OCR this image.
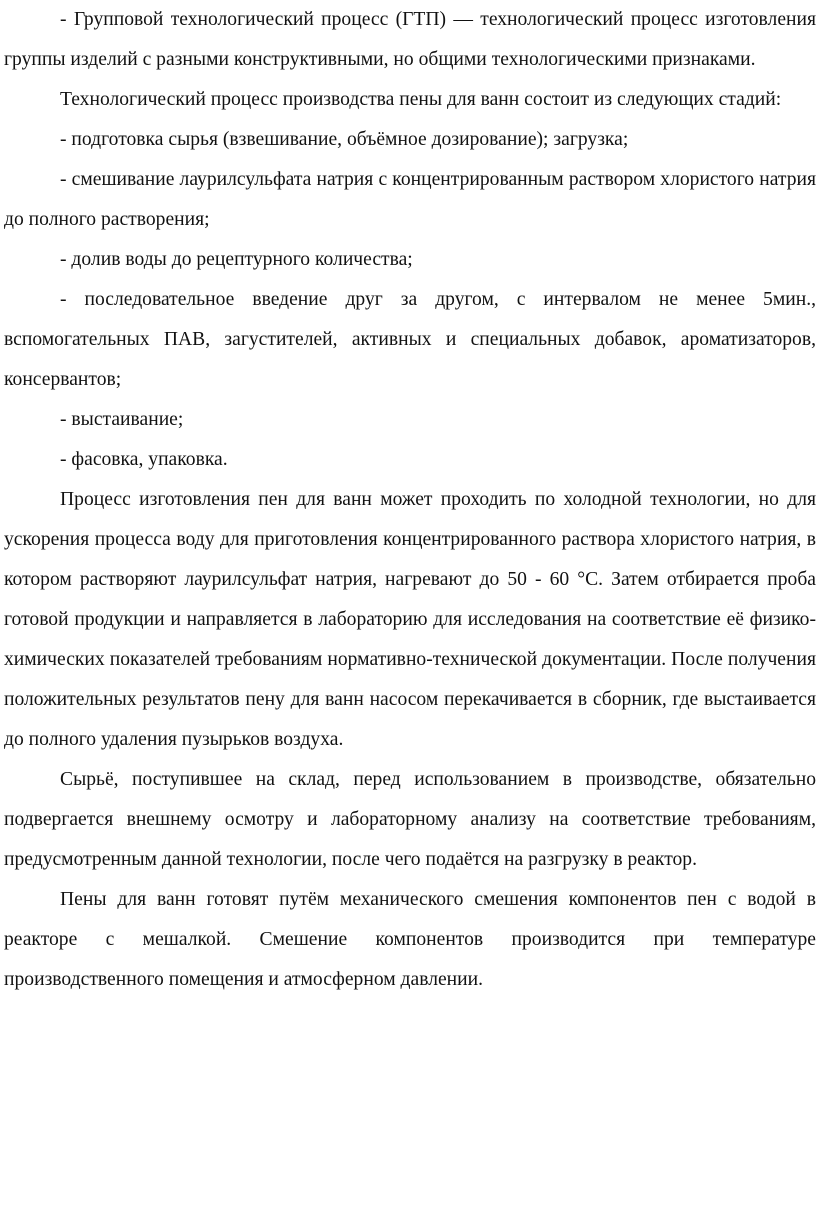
- Групповой технологический процесс (ГТП) — технологический процесс изготовления группы изделий с разными конструктивными, но общими технологическими признаками.

Технологический процесс производства пены для ванн состоит из следующих стадий:

- подготовка сырья (взвешивание, объёмное дозирование); загрузка;

- смешивание лаурилсульфата натрия с концентрированным раствором хлористого натрия до полного растворения;

- долив воды до рецептурного количества;

- последовательное введение друг за другом, с интервалом не менее 5мин., вспомогательных ПАВ, загустителей, активных и специальных добавок, ароматизаторов, консервантов;

- выстаивание;

- фасовка, упаковка.

Процесс изготовления пен для ванн может проходить по холодной технологии, но для ускорения процесса воду для приготовления концентрированного раствора хлористого натрия, в котором растворяют лаурилсульфат натрия, нагревают до 50 - 60 °С. Затем отбирается проба готовой продукции и направляется в лабораторию для исследования на соответствие её физико-химических показателей требованиям нормативно-технической документации. После получения положительных результатов пену для ванн насосом перекачивается в сборник, где выстаивается до полного удаления пузырьков воздуха.

Сырьё, поступившее на склад, перед использованием в производстве, обязательно подвергается внешнему осмотру и лабораторному анализу на соответствие требованиям, предусмотренным данной технологии, после чего подаётся на разгрузку в реактор.

Пены для ванн готовят путём механического смешения компонентов пен с водой в реакторе с мешалкой. Смешение компонентов производится при температуре производственного помещения и атмосферном давлении.
